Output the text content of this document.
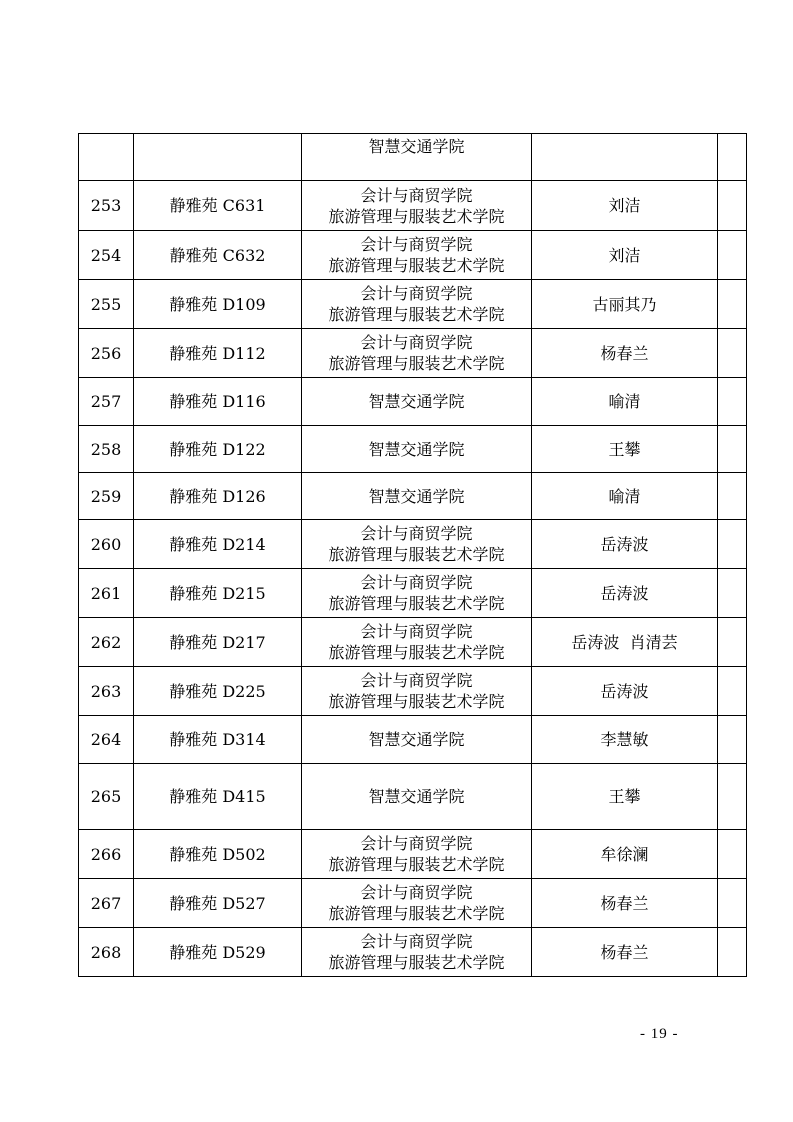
		智慧交通学院		

253	静雅苑 C631	会计与商贸学院
旅游管理与服装艺术学院	刘洁	
254	静雅苑 C632	会计与商贸学院
旅游管理与服装艺术学院	刘洁	
255	静雅苑 D109	会计与商贸学院
旅游管理与服装艺术学院	古丽其乃	
256	静雅苑 D112	会计与商贸学院
旅游管理与服装艺术学院	杨春兰	
257	静雅苑 D116	智慧交通学院	喻清	
258	静雅苑 D122	智慧交通学院	王攀	
259	静雅苑 D126	智慧交通学院	喻清	
260	静雅苑 D214	会计与商贸学院
旅游管理与服装艺术学院	岳涛波	
261	静雅苑 D215	会计与商贸学院
旅游管理与服装艺术学院	岳涛波	
262	静雅苑 D217	会计与商贸学院
旅游管理与服装艺术学院	岳涛波  肖清芸	
263	静雅苑 D225	会计与商贸学院
旅游管理与服装艺术学院	岳涛波	
264	静雅苑 D314	智慧交通学院	李慧敏	
265	静雅苑 D415	智慧交通学院	王攀	
266	静雅苑 D502	会计与商贸学院
旅游管理与服装艺术学院	牟徐澜	
267	静雅苑 D527	会计与商贸学院
旅游管理与服装艺术学院	杨春兰	
268	静雅苑 D529	会计与商贸学院
旅游管理与服装艺术学院	杨春兰	
- 19 -
